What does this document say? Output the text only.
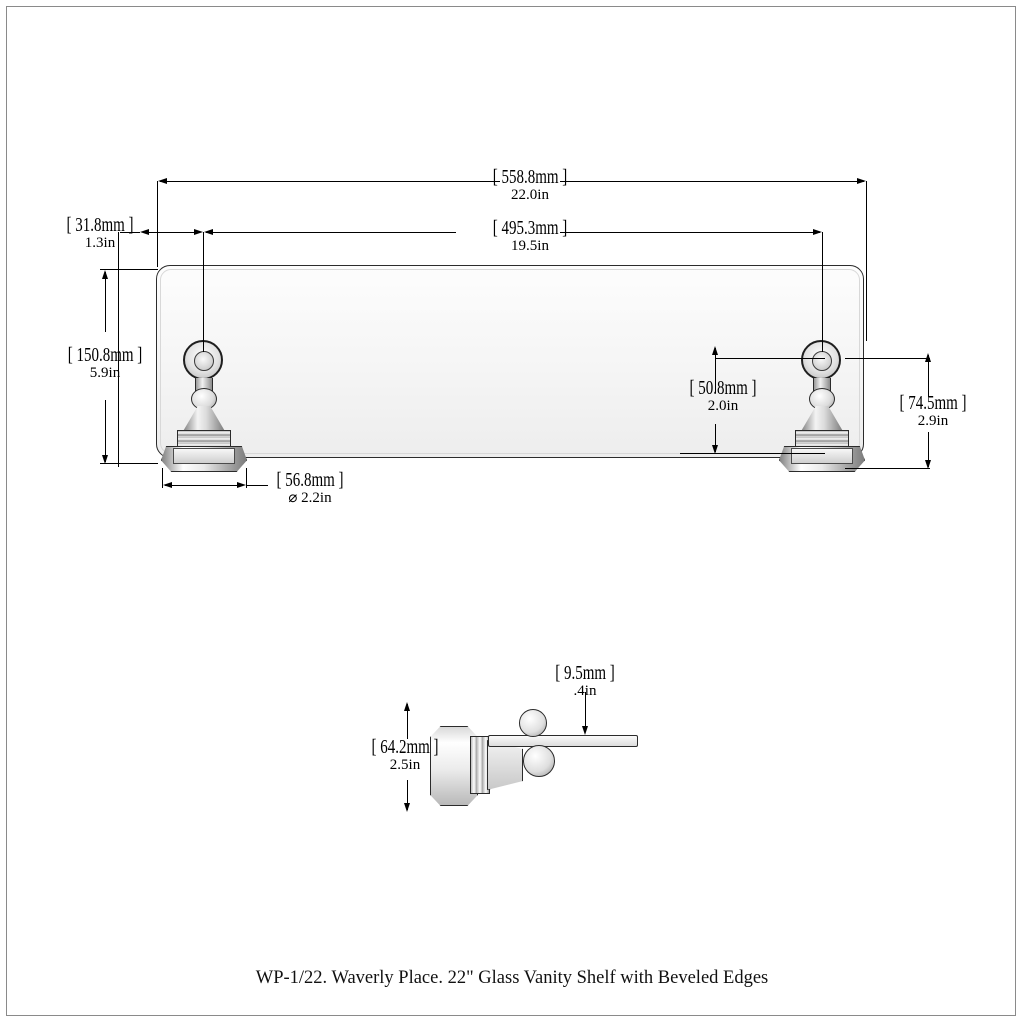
[ 558.8mm ]
22.0in
[ 31.8mm ]
1.3in
[ 495.3mm ]
19.5in
[ 150.8mm ]
5.9in
[ 50.8mm ]
2.0in	[ 74.5mm ]
2.9in
[ 56.8mm ]
⌀ 2.2in
[ 9.5mm ]
.4in
[ 64.2mm ]
2.5in
WP-1/22. Waverly Place. 22" Glass Vanity Shelf with Beveled Edges
